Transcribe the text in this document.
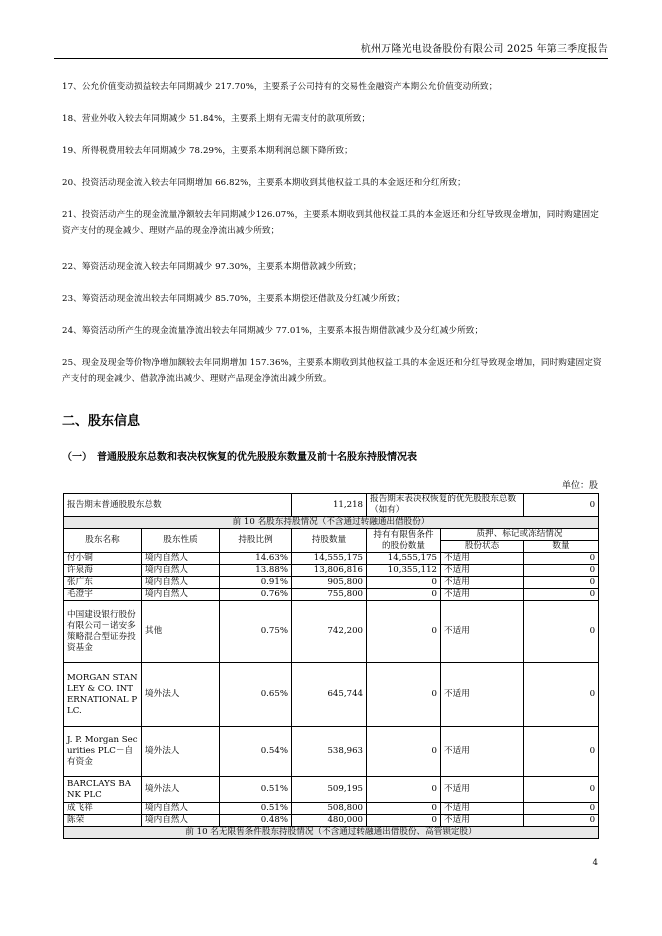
杭州万隆光电设备股份有限公司 2025 年第三季度报告
17、公允价值变动损益较去年同期减少 217.70%，主要系子公司持有的交易性金融资产本期公允价值变动所致；
18、营业外收入较去年同期减少 51.84%，主要系上期有无需支付的款项所致；
19、所得税费用较去年同期减少 78.29%，主要系本期利润总额下降所致；
20、投资活动现金流入较去年同期增加 66.82%，主要系本期收到其他权益工具的本金返还和分红所致；
21、投资活动产生的现金流量净额较去年同期减少126.07%，主要系本期收到其他权益工具的本金返还和分红导致现金增加，同时购建固定资产支付的现金减少、理财产品的现金净流出减少所致；
22、筹资活动现金流入较去年同期减少 97.30%，主要系本期借款减少所致；
23、筹资活动现金流出较去年同期减少 85.70%，主要系本期偿还借款及分红减少所致；
24、筹资活动所产生的现金流量净流出较去年同期减少 77.01%，主要系本报告期借款减少及分红减少所致；
25、现金及现金等价物净增加额较去年同期增加 157.36%，主要系本期收到其他权益工具的本金返还和分红导致现金增加，同时购建固定资产支付的现金减少、借款净流出减少、理财产品现金净流出减少所致。
二、股东信息
（一）　普通股股东总数和表决权恢复的优先股股东数量及前十名股东持股情况表
单位：股
报告期末普通股股东总数			11,218	报告期末表决权恢复的优先股股东总数（如有）		0
前 10 名股东持股情况（不含通过转融通出借股份）						
股东名称	股东性质	持股比例	持股数量	持有有限售条件的股份数量	质押、标记或冻结情况	
					股份状态	数量
付小铜	境内自然人	14.63%	14,555,175	14,555,175	不适用	0
许泉海	境内自然人	13.88%	13,806,816	10,355,112	不适用	0
张广东	境内自然人	0.91%	905,800	0	不适用	0
毛澄宇	境内自然人	0.76%	755,800	0	不适用	0
中国建设银行股份有限公司－诺安多策略混合型证券投资基金	其他	0.75%	742,200	0	不适用	0
MORGAN STANLEY & CO. INTERNATIONAL PLC.	境外法人	0.65%	645,744	0	不适用	0
J. P. Morgan Securities PLC－自有资金	境外法人	0.54%	538,963	0	不适用	0
BARCLAYS BANK PLC	境外法人	0.51%	509,195	0	不适用	0
成飞祥	境内自然人	0.51%	508,800	0	不适用	0
陈荣	境内自然人	0.48%	480,000	0	不适用	0
前 10 名无限售条件股东持股情况（不含通过转融通出借股份、高管锁定股）						
4
